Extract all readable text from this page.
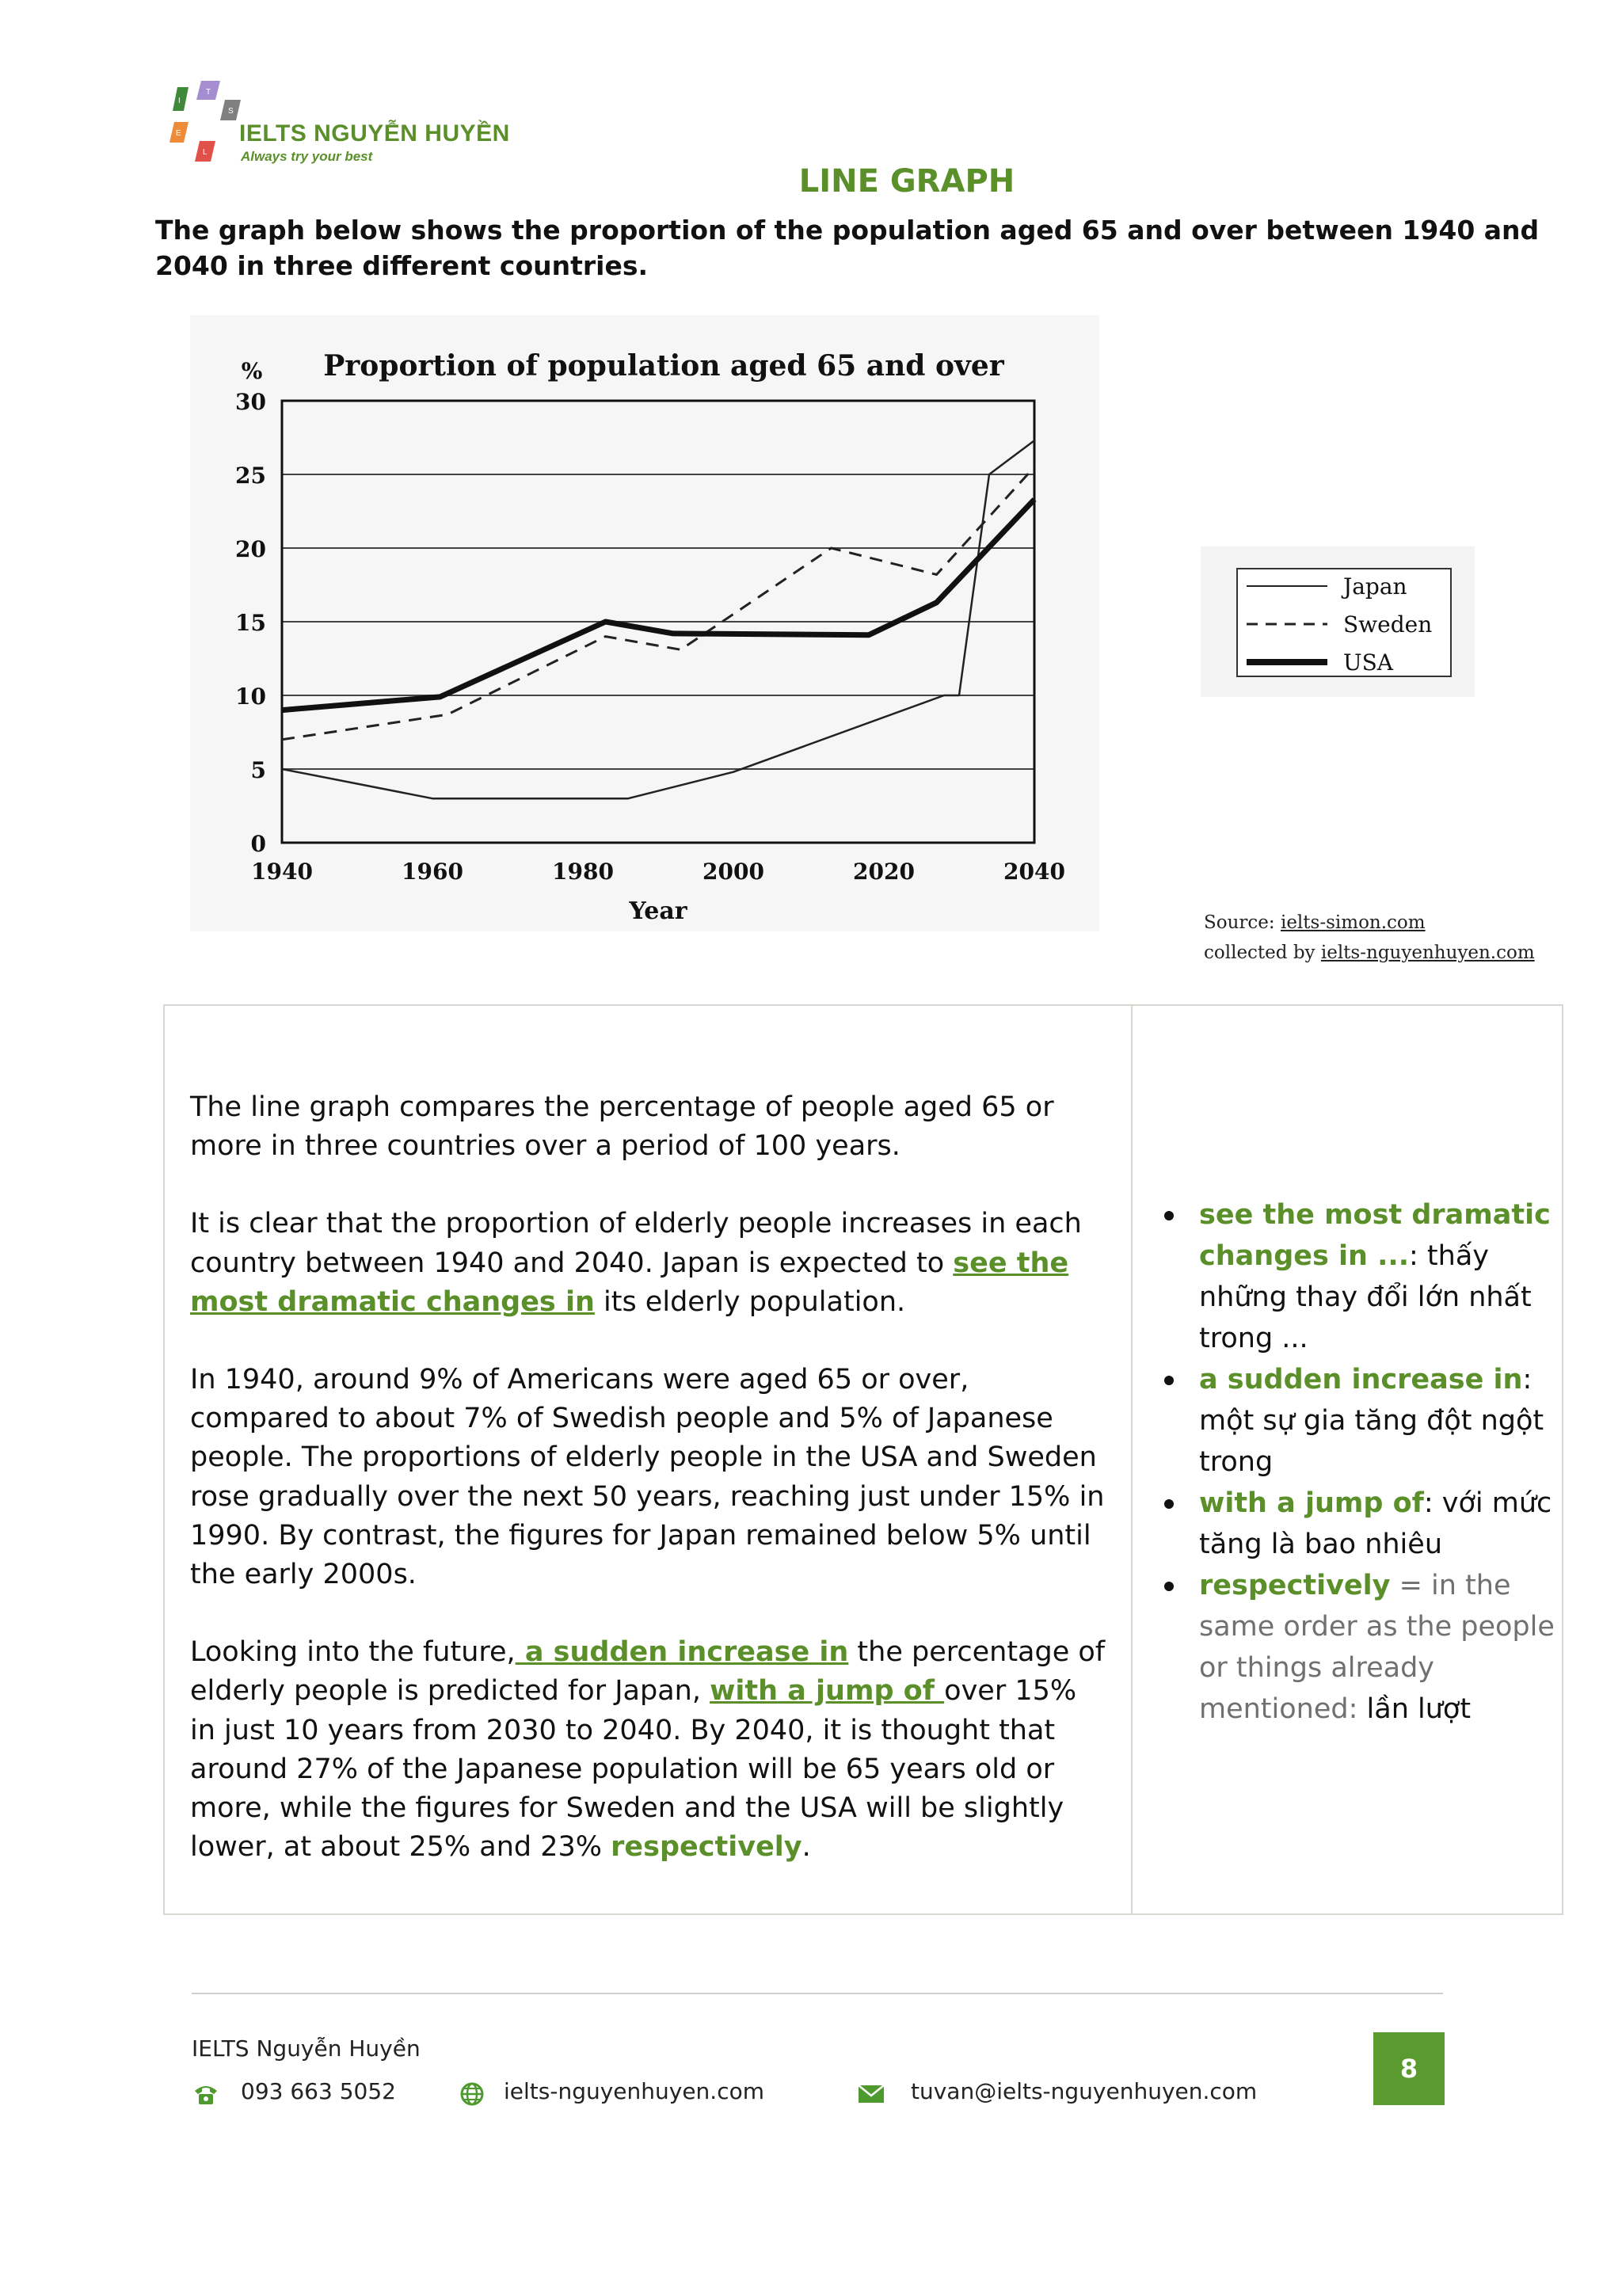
I
T
S
E
L
IELTS NGUYỄN HUYỀN
Always try your best
LINE GRAPH
The graph below shows the proportion of the population aged 65 and over between 1940 and 2040 in three different countries.
Proportion of population aged 65 and over
%
0
5
10
15
20
25
30
1940	1960	1980	2000	2020	2040
Year
Japan
Sweden
USA
Source: ielts-simon.com
collected by ielts-nguyenhuyen.com

The line graph compares the percentage of people aged 65 or more in three countries over a period of 100 years.

It is clear that the proportion of elderly people increases in each country between 1940 and 2040. Japan is expected to see the most dramatic changes in its elderly population.

In 1940, around 9% of Americans were aged 65 or over, compared to about 7% of Swedish people and 5% of Japanese people. The proportions of elderly people in the USA and Sweden rose gradually over the next 50 years, reaching just under 15% in 1990. By contrast, the figures for Japan remained below 5% until the early 2000s.

Looking into the future, a sudden increase in the percentage of elderly people is predicted for Japan, with a jump of over 15% in just 10 years from 2030 to 2040. By 2040, it is thought that around 27% of the Japanese population will be 65 years old or more, while the figures for Sweden and the USA will be slightly lower, at about 25% and 23% respectively.

see the most dramatic changes in ...: thấy những thay đổi lớn nhất trong ...
a sudden increase in: một sự gia tăng đột ngột trong
with a jump of: với mức tăng là bao nhiêu
respectively = in the same order as the people or things already mentioned: lần lượt
IELTS Nguyễn Huyền
093 663 5052	ielts-nguyenhuyen.com	tuvan@ielts-nguyenhuyen.com
8
